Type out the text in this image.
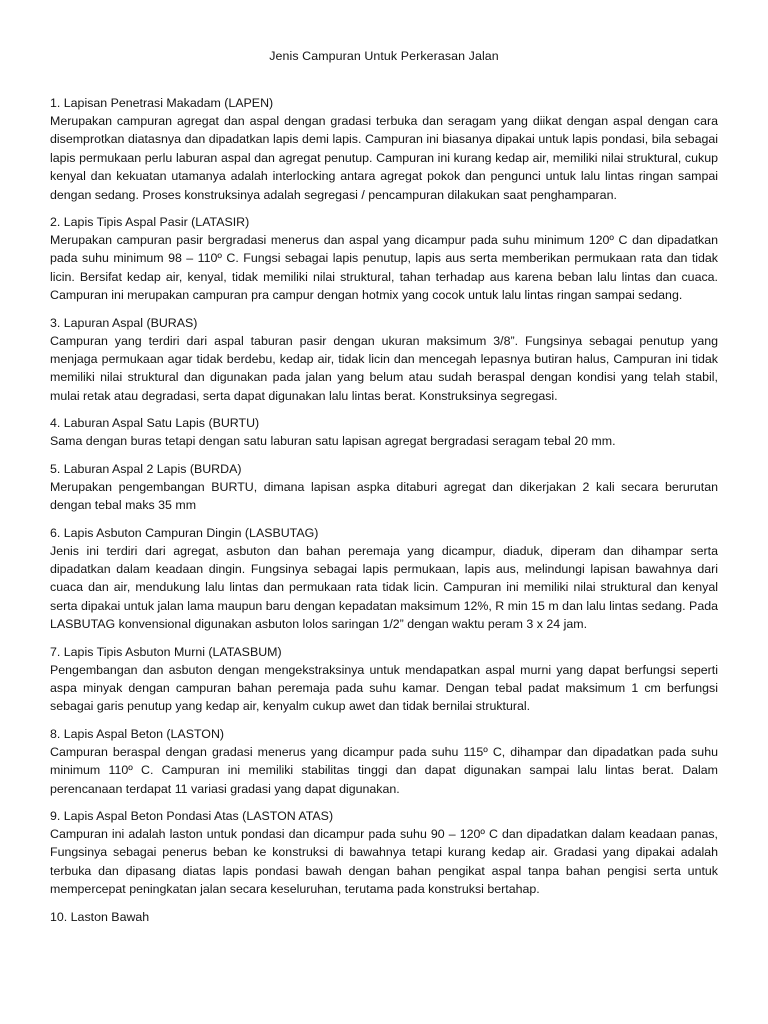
Jenis Campuran Untuk Perkerasan Jalan

1. Lapisan Penetrasi Makadam (LAPEN)

Merupakan campuran agregat dan aspal dengan gradasi terbuka dan seragam yang diikat dengan aspal dengan cara disemprotkan diatasnya dan dipadatkan lapis demi lapis. Campuran ini biasanya dipakai untuk lapis pondasi, bila sebagai lapis permukaan perlu laburan aspal dan agregat penutup. Campuran ini kurang kedap air, memiliki nilai struktural, cukup kenyal dan kekuatan utamanya adalah interlocking antara agregat pokok dan pengunci untuk lalu lintas ringan sampai dengan sedang. Proses konstruksinya adalah segregasi / pencampuran dilakukan saat penghamparan.

2. Lapis Tipis Aspal Pasir (LATASIR)

Merupakan campuran pasir bergradasi menerus dan aspal yang dicampur pada suhu minimum 120º C dan dipadatkan pada suhu minimum 98 – 110º C. Fungsi sebagai lapis penutup, lapis aus serta memberikan permukaan rata dan tidak licin. Bersifat kedap air, kenyal, tidak memiliki nilai struktural, tahan terhadap aus karena beban lalu lintas dan cuaca. Campuran ini merupakan campuran pra campur dengan hotmix yang cocok untuk lalu lintas ringan sampai sedang.

3. Lapuran Aspal (BURAS)

Campuran yang terdiri dari aspal taburan pasir dengan ukuran maksimum 3/8”. Fungsinya sebagai penutup yang menjaga permukaan agar tidak berdebu, kedap air, tidak licin dan mencegah lepasnya butiran halus, Campuran ini tidak memiliki nilai struktural dan digunakan pada jalan yang belum atau sudah beraspal dengan kondisi yang telah stabil, mulai retak atau degradasi, serta dapat digunakan lalu lintas berat. Konstruksinya segregasi.

4. Laburan Aspal Satu Lapis (BURTU)

Sama dengan buras tetapi dengan satu laburan satu lapisan agregat bergradasi seragam tebal 20 mm.

5. Laburan Aspal 2 Lapis (BURDA)

Merupakan pengembangan BURTU, dimana lapisan aspka ditaburi agregat dan dikerjakan 2 kali secara berurutan dengan tebal maks 35 mm

6. Lapis Asbuton Campuran Dingin (LASBUTAG)

Jenis ini terdiri dari agregat, asbuton dan bahan peremaja yang dicampur, diaduk, diperam dan dihampar serta dipadatkan dalam keadaan dingin. Fungsinya sebagai lapis permukaan, lapis aus, melindungi lapisan bawahnya dari cuaca dan air, mendukung lalu lintas dan permukaan rata tidak licin. Campuran ini memiliki nilai struktural dan kenyal serta dipakai untuk jalan lama maupun baru dengan kepadatan maksimum 12%, R min 15 m dan lalu lintas sedang. Pada LASBUTAG konvensional digunakan asbuton lolos saringan 1/2” dengan waktu peram 3 x 24 jam.

7. Lapis Tipis Asbuton Murni (LATASBUM)

Pengembangan dan asbuton dengan mengekstraksinya untuk mendapatkan aspal murni yang dapat berfungsi seperti aspa minyak dengan campuran bahan peremaja pada suhu kamar. Dengan tebal padat maksimum 1 cm berfungsi sebagai garis penutup yang kedap air, kenyalm cukup awet dan tidak bernilai struktural.

8. Lapis Aspal Beton (LASTON)

Campuran beraspal dengan gradasi menerus yang dicampur pada suhu 115º C, dihampar dan dipadatkan pada suhu minimum 110º C. Campuran ini memiliki stabilitas tinggi dan dapat digunakan sampai lalu lintas berat. Dalam perencanaan terdapat 11 variasi gradasi yang dapat digunakan.

9. Lapis Aspal Beton Pondasi Atas (LASTON ATAS)

Campuran ini adalah laston untuk pondasi dan dicampur pada suhu 90 – 120º C dan dipadatkan dalam keadaan panas, Fungsinya sebagai penerus beban ke konstruksi di bawahnya tetapi kurang kedap air. Gradasi yang dipakai adalah terbuka dan dipasang diatas lapis pondasi bawah dengan bahan pengikat aspal tanpa bahan pengisi serta untuk mempercepat peningkatan jalan secara keseluruhan, terutama pada konstruksi bertahap.

10. Laston Bawah
